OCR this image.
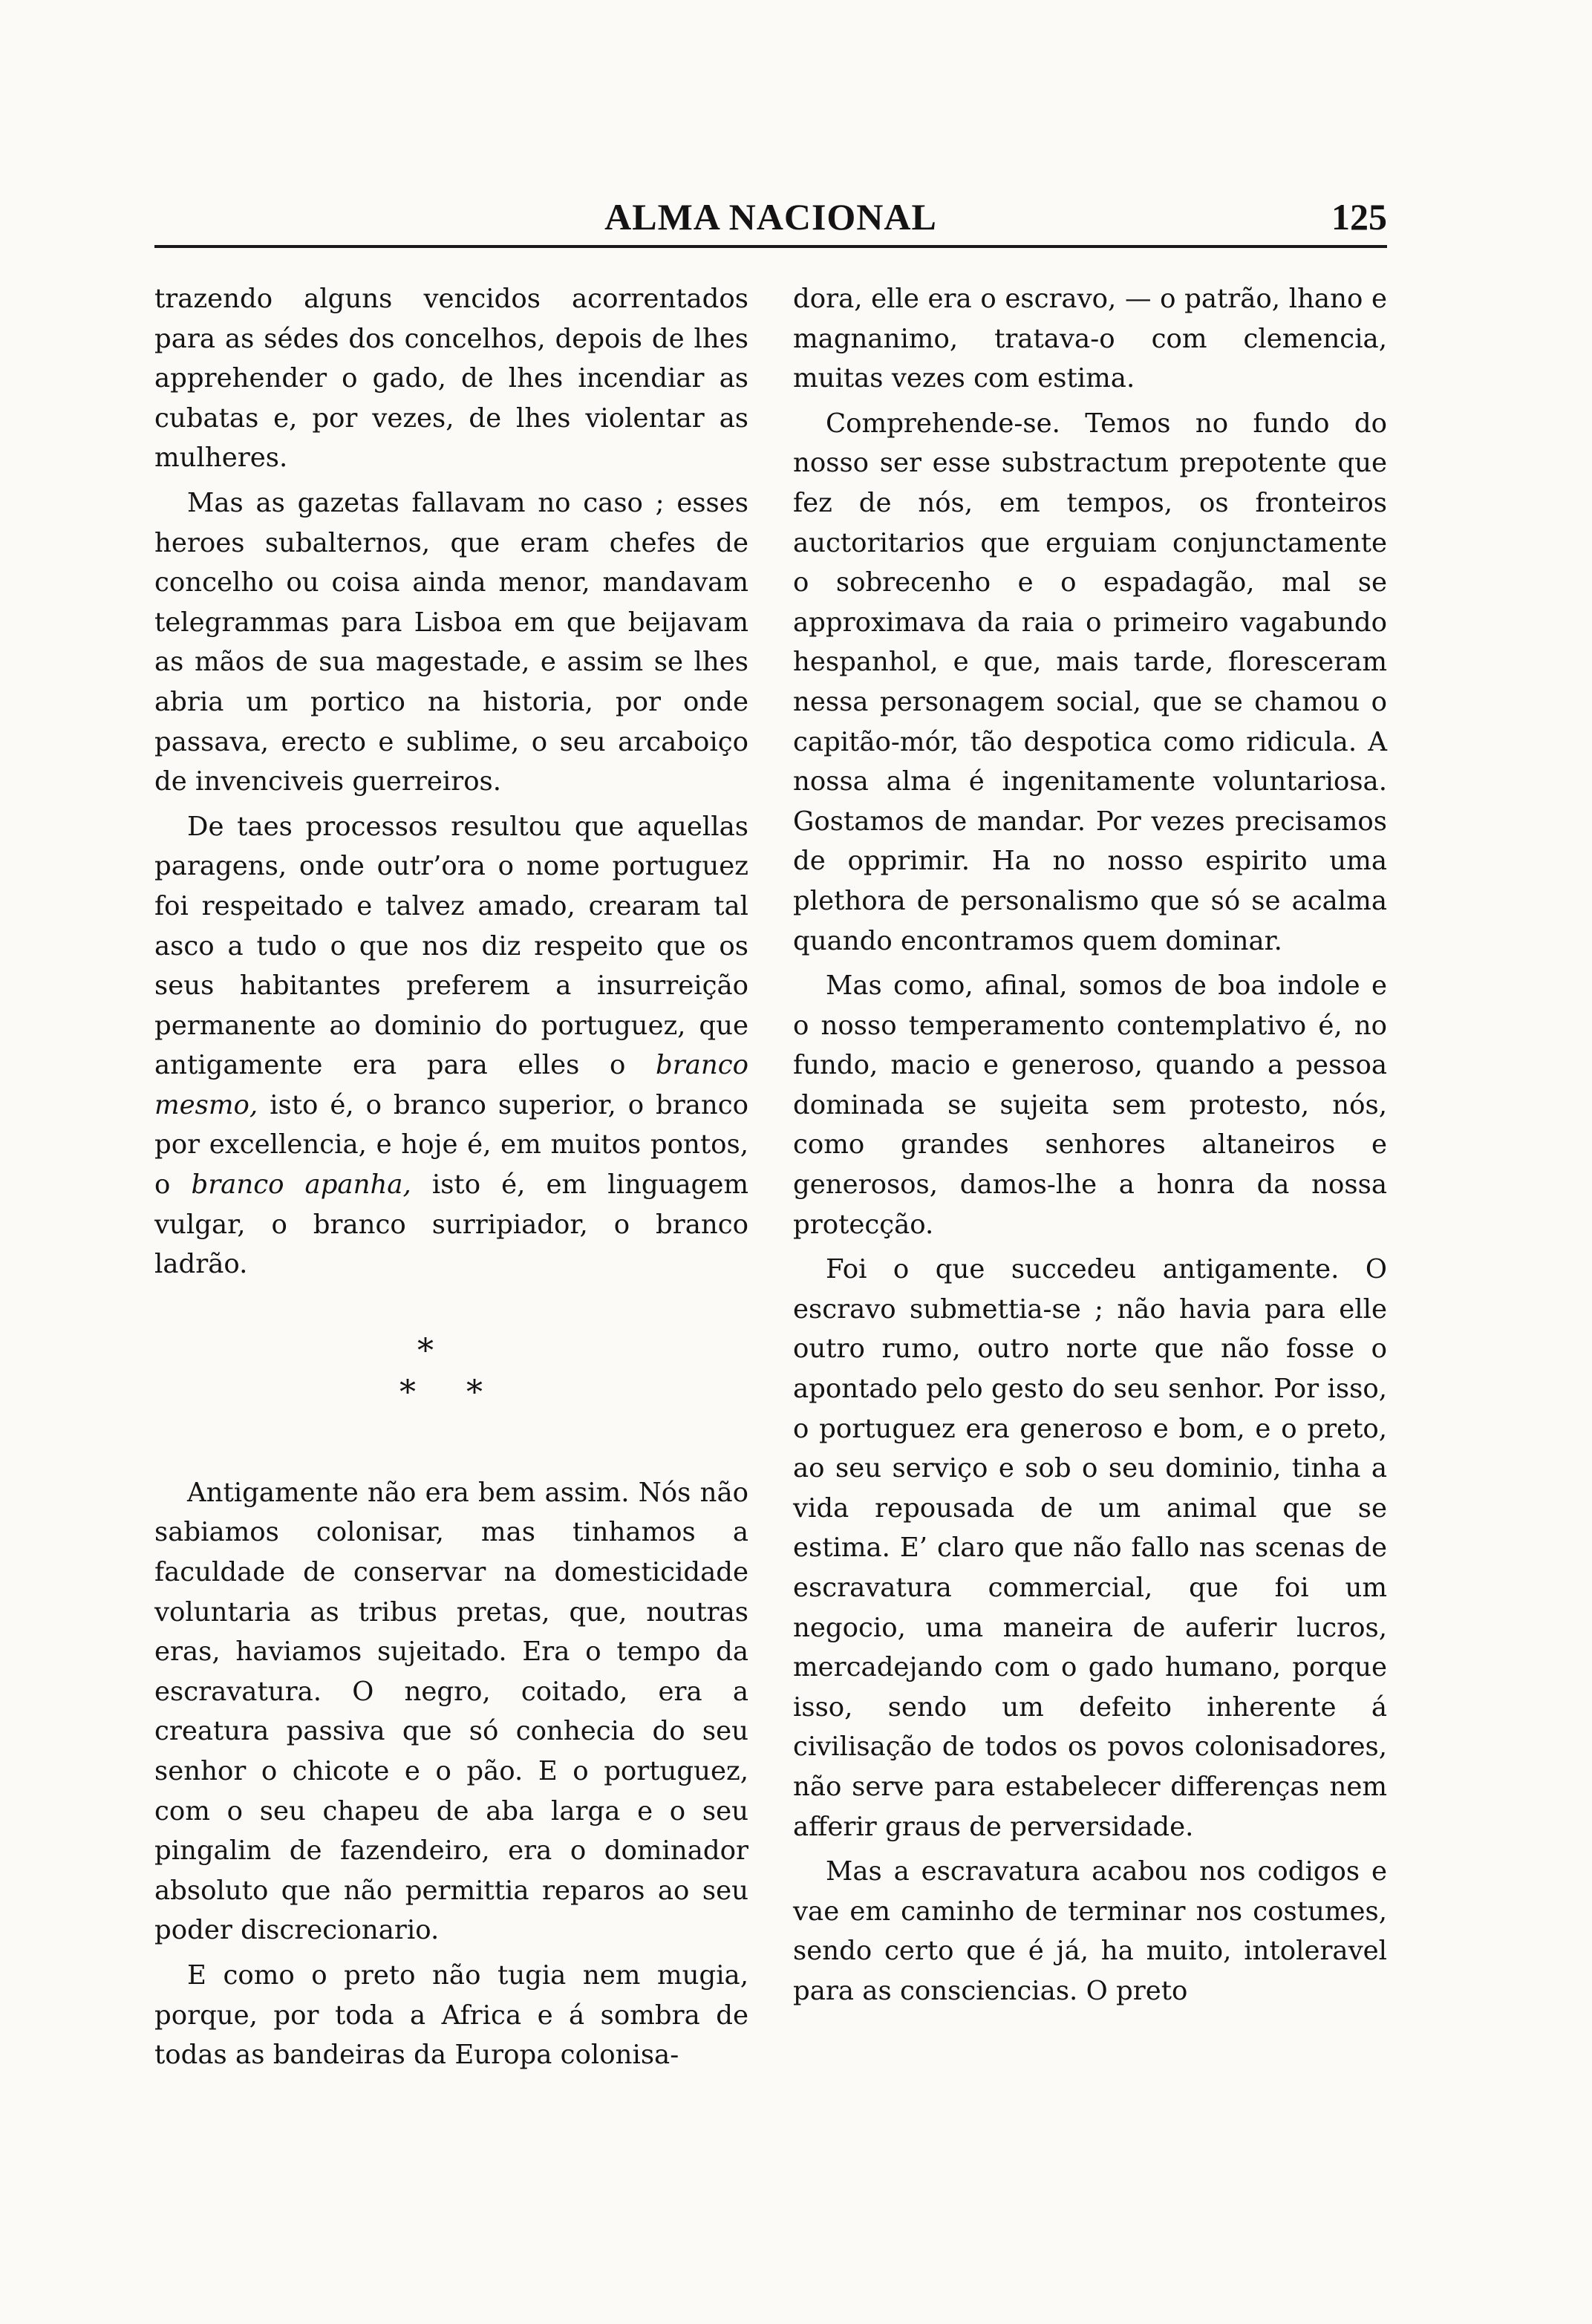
ALMA NACIONAL	125

trazendo alguns vencidos acorrentados para as sédes dos concelhos, depois de lhes apprehender o gado, de lhes incendiar as cubatas e, por vezes, de lhes violentar as mulheres.

Mas as gazetas fallavam no caso ; esses heroes subalternos, que eram chefes de concelho ou coisa ainda menor, mandavam telegrammas para Lisboa em que beijavam as mãos de sua magestade, e assim se lhes abria um portico na historia, por onde passava, erecto e sublime, o seu arcaboiço de invenciveis guerreiros.

De taes processos resultou que aquellas paragens, onde outr’ora o nome portuguez foi respeitado e talvez amado, crearam tal asco a tudo o que nos diz respeito que os seus habitantes preferem a insurreição permanente ao dominio do portuguez, que antigamente era para elles o branco mesmo, isto é, o branco superior, o branco por excellencia, e hoje é, em muitos pontos, o branco apanha, isto é, em linguagem vulgar, o branco surripiador, o branco ladrão.

*
* *

Antigamente não era bem assim. Nós não sabiamos colonisar, mas tinhamos a faculdade de conservar na domesticidade voluntaria as tribus pretas, que, noutras eras, haviamos sujeitado. Era o tempo da escravatura. O negro, coitado, era a creatura passiva que só conhecia do seu senhor o chicote e o pão. E o portuguez, com o seu chapeu de aba larga e o seu pingalim de fazendeiro, era o dominador absoluto que não permittia reparos ao seu poder discrecionario.

E como o preto não tugia nem mugia, porque, por toda a Africa e á sombra de todas as bandeiras da Europa colonisa-

dora, elle era o escravo, — o patrão, lhano e magnanimo, tratava-o com clemencia, muitas vezes com estima.

Comprehende-se. Temos no fundo do nosso ser esse substractum prepotente que fez de nós, em tempos, os fronteiros auctoritarios que erguiam conjunctamente o sobrecenho e o espadagão, mal se approximava da raia o primeiro vagabundo hespanhol, e que, mais tarde, floresceram nessa personagem social, que se chamou o capitão-mór, tão despotica como ridicula. A nossa alma é ingenitamente voluntariosa. Gostamos de mandar. Por vezes precisamos de opprimir. Ha no nosso espirito uma plethora de personalismo que só se acalma quando encontramos quem dominar.

Mas como, afinal, somos de boa indole e o nosso temperamento contemplativo é, no fundo, macio e generoso, quando a pessoa dominada se sujeita sem protesto, nós, como grandes senhores altaneiros e generosos, damos-lhe a honra da nossa protecção.

Foi o que succedeu antigamente. O escravo submettia-se ; não havia para elle outro rumo, outro norte que não fosse o apontado pelo gesto do seu senhor. Por isso, o portuguez era generoso e bom, e o preto, ao seu serviço e sob o seu dominio, tinha a vida repousada de um animal que se estima. E’ claro que não fallo nas scenas de escravatura commercial, que foi um negocio, uma maneira de auferir lucros, mercadejando com o gado humano, porque isso, sendo um defeito inherente á civilisação de todos os povos colonisadores, não serve para estabelecer differenças nem afferir graus de perversidade.

Mas a escravatura acabou nos codigos e vae em caminho de terminar nos costumes, sendo certo que é já, ha muito, intoleravel para as consciencias. O preto
